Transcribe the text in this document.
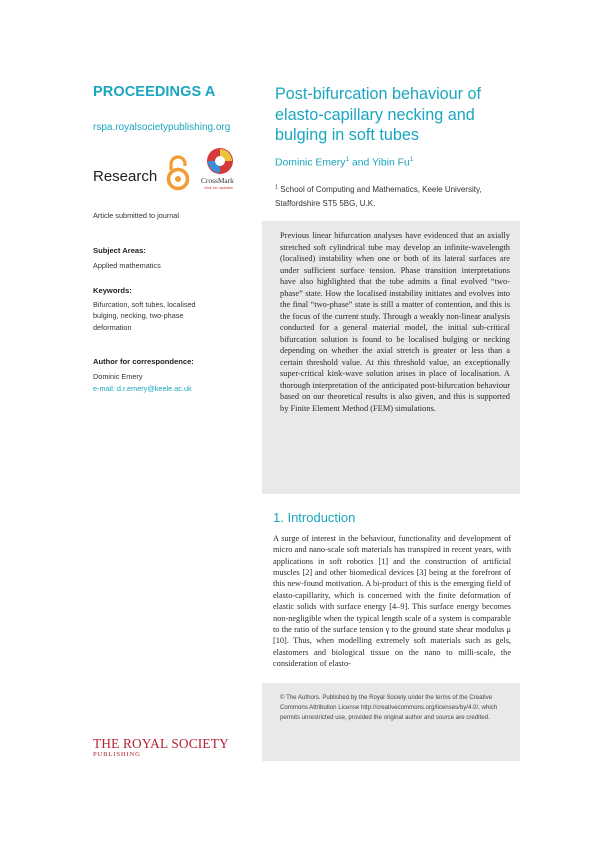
PROCEEDINGS A
rspa.royalsocietypublishing.org
Research	CrossMark
click for updates
Article submitted to journal
Subject Areas:
Applied mathematics
Keywords:
Bifurcation, soft tubes, localised
bulging, necking, two-phase
deformation
Author for correspondence:
Dominic Emery
e-mail: d.r.emery@keele.ac.uk
THE ROYAL SOCIETY
PUBLISHING
Post-bifurcation behaviour of elasto-capillary necking and bulging in soft tubes
Dominic Emery$^1$ and Yibin Fu$^1$
$^1$ School of Computing and Mathematics, Keele University, Staffordshire ST5 5BG, U.K.

Previous linear bifurcation analyses have evidenced that an axially stretched soft cylindrical tube may develop an infinite-wavelength (localised) instability when one or both of its lateral surfaces are under sufficient surface tension. Phase transition interpretations have also highlighted that the tube admits a final evolved “two-phase” state. How the localised instability initiates and evolves into the final “two-phase” state is still a matter of contention, and this is the focus of the current study. Through a weakly non-linear analysis conducted for a general material model, the initial sub-critical bifurcation solution is found to be localised bulging or necking depending on whether the axial stretch is greater or less than a certain threshold value. At this threshold value, an exceptionally super-critical kink-wave solution arises in place of localisation. A thorough interpretation of the anticipated post-bifurcation behaviour based on our theoretical results is also given, and this is supported by Finite Element Method (FEM) simulations.

1. Introduction

A surge of interest in the behaviour, functionality and development of micro and nano-scale soft materials has transpired in recent years, with applications in soft robotics [1] and the construction of artificial muscles [2] and other biomedical devices [3] being at the forefront of this new-found motivation. A bi-product of this is the emerging field of elasto-capillarity, which is concerned with the finite deformation of elastic solids with surface energy [4–9]. This surface energy becomes non-negligible when the typical length scale of a system is comparable to the ratio of the surface tension γ to the ground state shear modulus μ [10]. Thus, when modelling extremely soft materials such as gels, elastomers and biological tissue on the nano to milli-scale, the consideration of elasto-

© The Authors. Published by the Royal Society under the terms of the Creative Commons Attribution License http://creativecommons.org/licenses/by/4.0/, which permits unrestricted use, provided the original author and source are credited.
